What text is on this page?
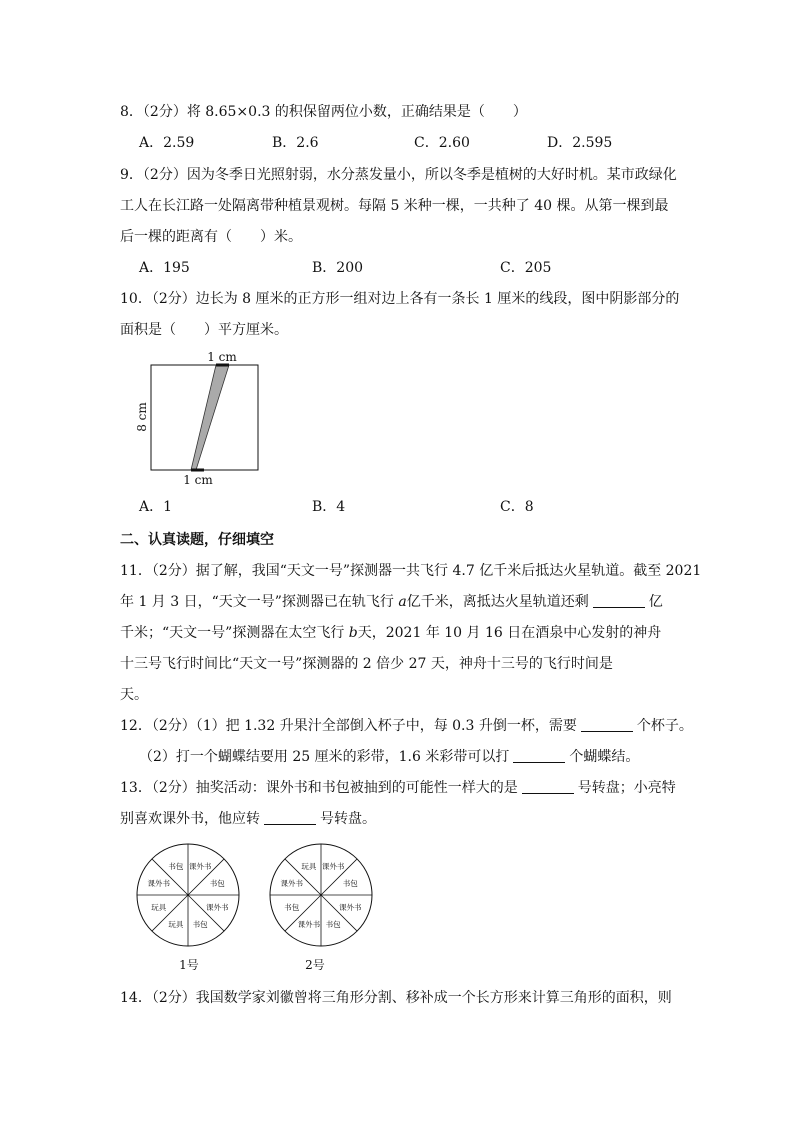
8．（2分）将 8.65×0.3 的积保留两位小数，正确结果是（　　）
A．2.59	B．2.6	C．2.60	D．2.595
9．（2分）因为冬季日光照射弱，水分蒸发量小，所以冬季是植树的大好时机。某市政绿化
工人在长江路一处隔离带种植景观树。每隔 5 米种一棵，一共种了 40 棵。从第一棵到最
后一棵的距离有（　　）米。
A．195	B．200	C．205
10．（2分）边长为 8 厘米的正方形一组对边上各有一条长 1 厘米的线段，图中阴影部分的
面积是（　　）平方厘米。
1 cm
1 cm
8 cm
A．1	B．4	C．8
二、认真读题，仔细填空
11．（2分）据了解，我国“天文一号”探测器一共飞行 4.7 亿千米后抵达火星轨道。截至 2021
年 1 月 3 日，“天文一号”探测器已在轨飞行 a亿千米，离抵达火星轨道还剩	亿
千米；“天文一号”探测器在太空飞行 b天，2021 年 10 月 16 日在酒泉中心发射的神舟
十三号飞行时间比“天文一号”探测器的 2 倍少 27 天，神舟十三号的飞行时间是
天。
12．（2分）（1）把 1.32 升果汁全部倒入杯子中，每 0.3 升倒一杯，需要	个杯子。
（2）打一个蝴蝶结要用 25 厘米的彩带，1.6 米彩带可以打	个蝴蝶结。
13．（2分）抽奖活动：课外书和书包被抽到的可能性一样大的是	号转盘；小亮特
别喜欢课外书，他应转	号转盘。
课外书
书包
课外书
书包
玩具
玩具
课外书
书包
1号
课外书
书包
课外书
书包
课外书
书包
课外书
玩具
2号
14．（2分）我国数学家刘徽曾将三角形分割、移补成一个长方形来计算三角形的面积，则
